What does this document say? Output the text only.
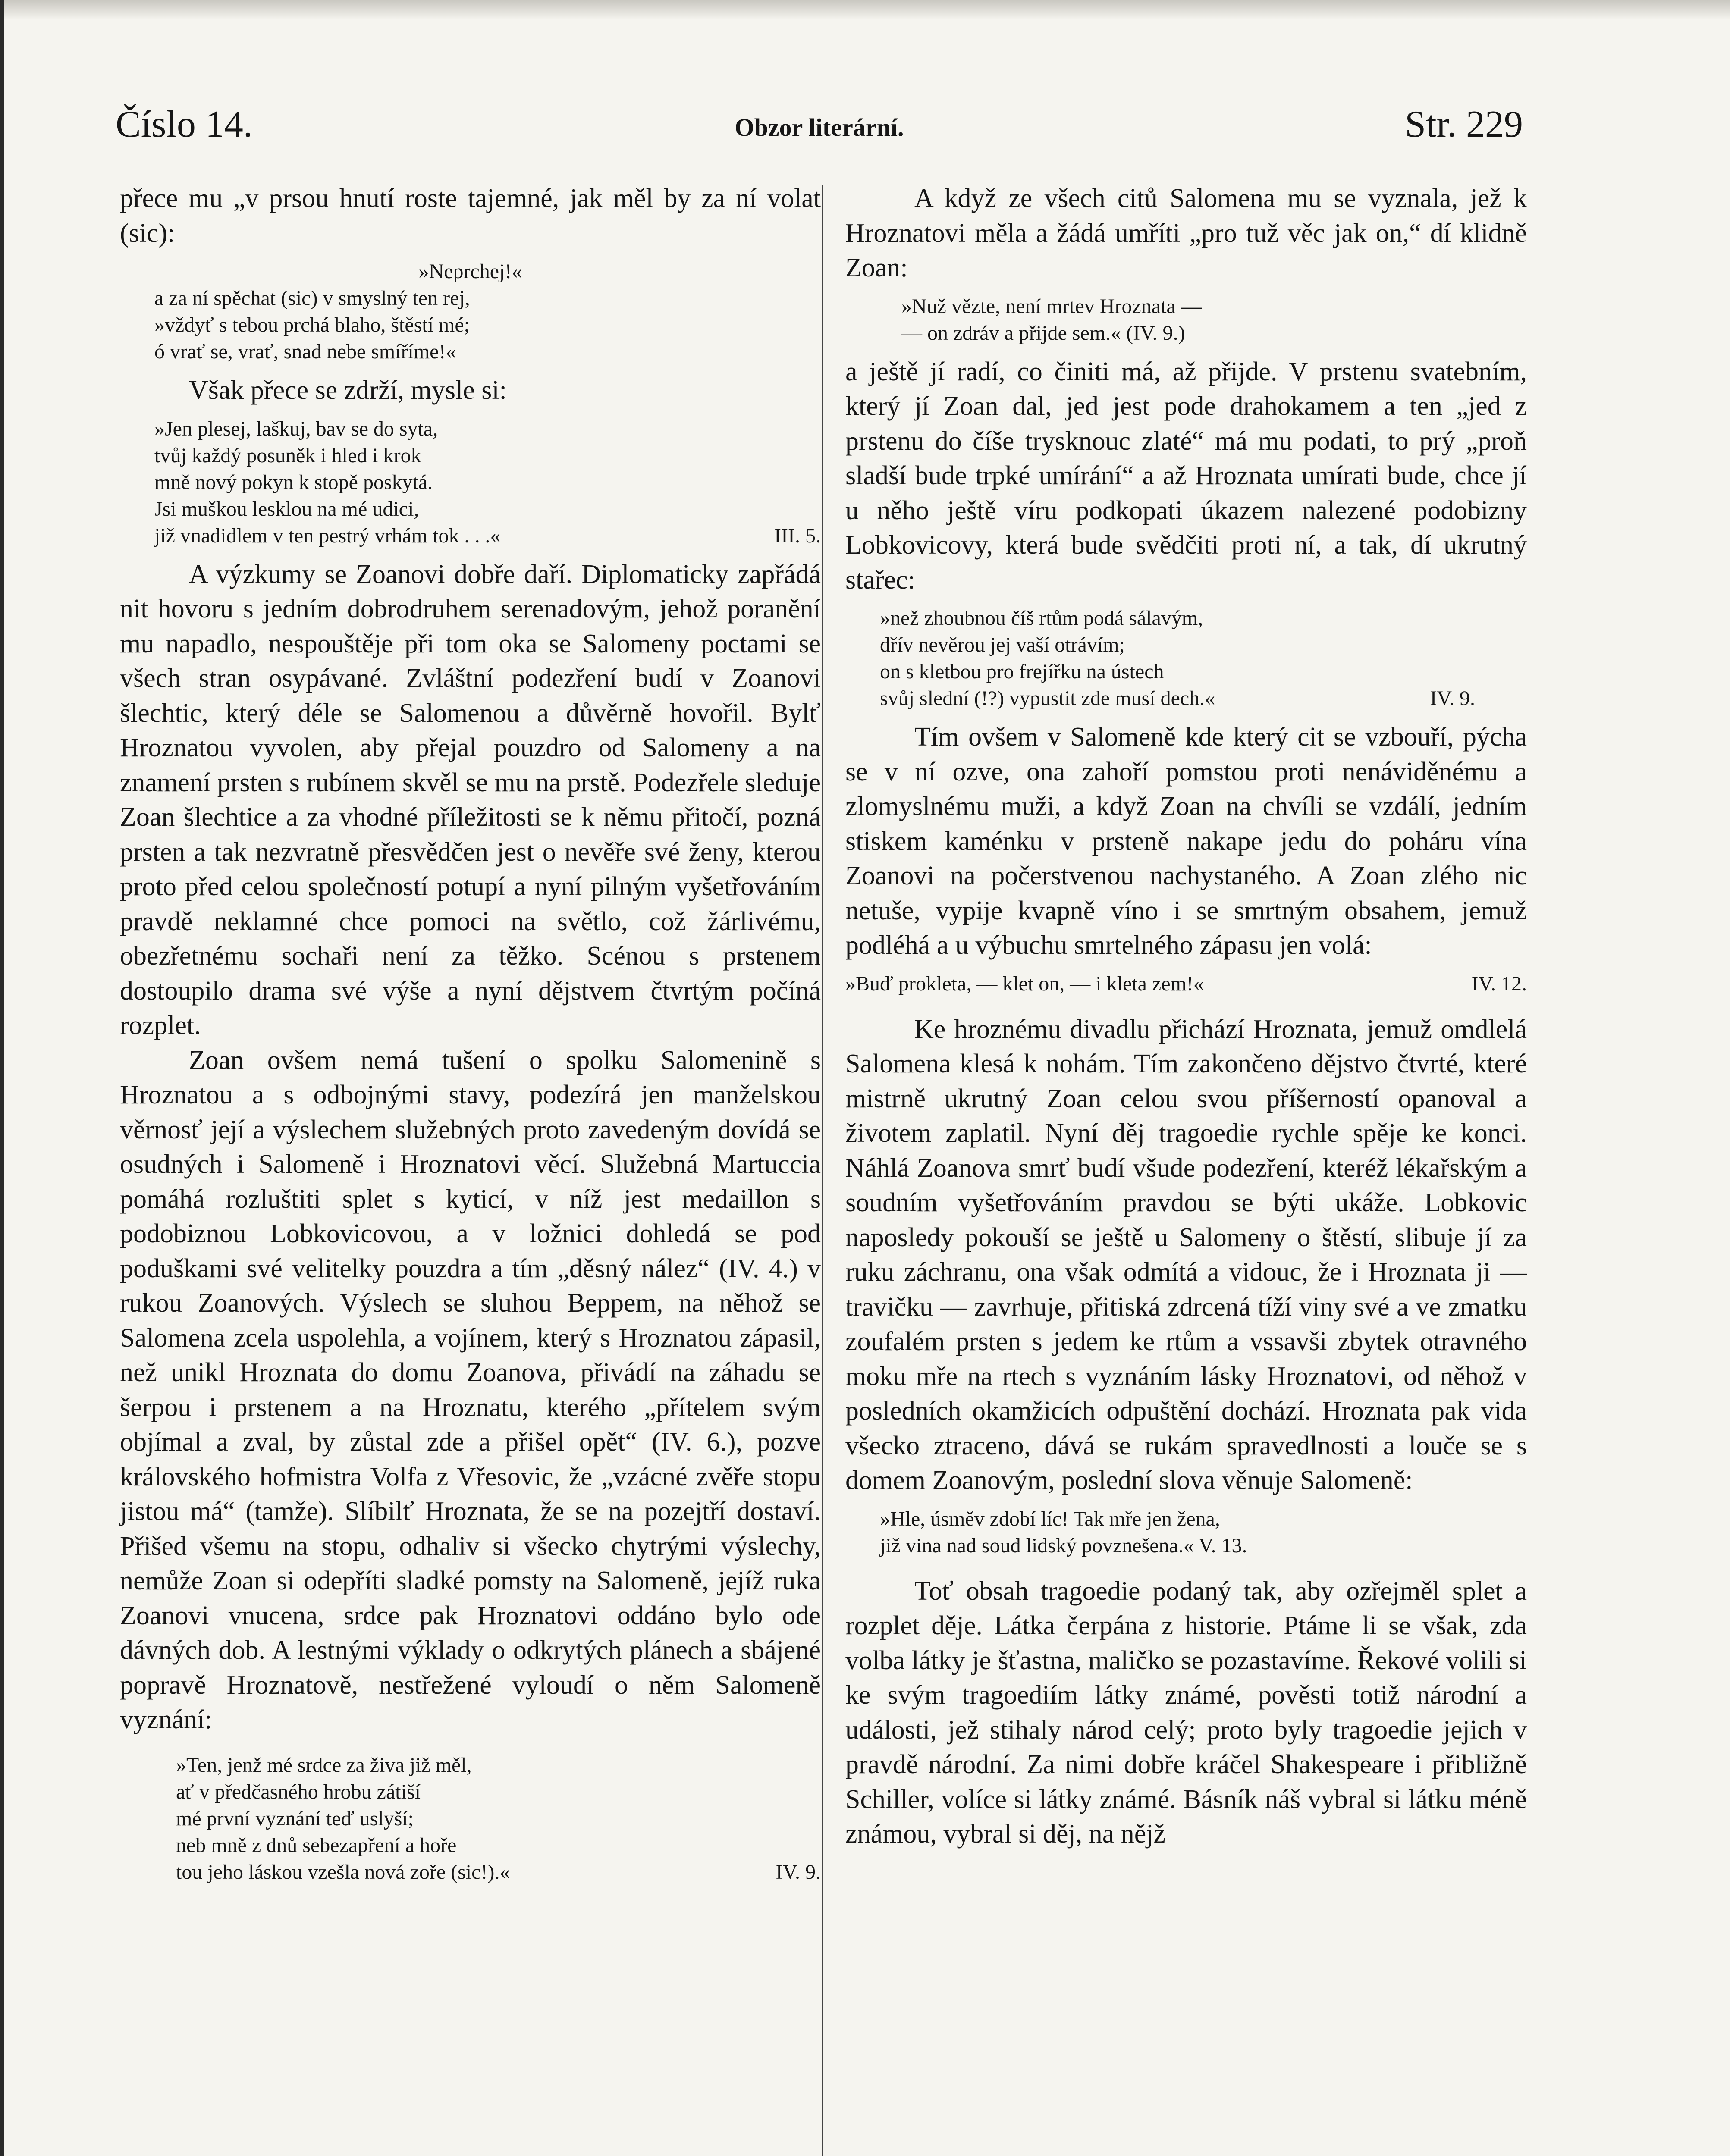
Číslo 14.	Obzor literární.	Str. 229

přece mu „v prsou hnutí roste tajemné, jak měl by za ní volat (sic):

»Neprchej!«

a za ní spěchat (sic) v smyslný ten rej,

»vždyť s tebou prchá blaho, štěstí mé;

ó vrať se, vrať, snad nebe smíříme!«

Však přece se zdrží, mysle si:

»Jen plesej, laškuj, bav se do syta,

tvůj každý posuněk i hled i krok

mně nový pokyn k stopě poskytá.

Jsi muškou lesklou na mé udici,

již vnadidlem v ten pestrý vrhám tok . . .«	III. 5.

A výzkumy se Zoanovi dobře daří. Diplomaticky zapřádá nit hovoru s jedním dobrodruhem serenadovým, jehož poranění mu napadlo, nespouštěje při tom oka se Salomeny poctami se všech stran osypávané. Zvláštní podezření budí v Zoanovi šlechtic, který déle se Salomenou a důvěrně hovořil. Bylť Hroznatou vyvolen, aby přejal pouzdro od Salomeny a na znamení prsten s rubínem skvěl se mu na prstě. Podezřele sleduje Zoan šlechtice a za vhodné příležitosti se k němu přitočí, pozná prsten a tak nezvratně přesvědčen jest o nevěře své ženy, kterou proto před celou společností potupí a nyní pilným vyšetřováním pravdě neklamné chce pomoci na světlo, což žárlivému, obezřetnému sochaři není za těžko. Scénou s prstenem dostoupilo drama své výše a nyní dějstvem čtvrtým počíná rozplet.

Zoan ovšem nemá tušení o spolku Salomenině s Hroznatou a s odbojnými stavy, podezírá jen manželskou věrnosť její a výslechem služebných proto zavedeným dovídá se osudných i Salomeně i Hroznatovi věcí. Služebná Martuccia pomáhá rozluštiti splet s kyticí, v níž jest medaillon s podobiznou Lobkovicovou, a v ložnici dohledá se pod poduškami své velitelky pouzdra a tím „děsný nález“ (IV. 4.) v rukou Zoanových. Výslech se sluhou Beppem, na něhož se Salomena zcela uspolehla, a vojínem, který s Hroznatou zápasil, než unikl Hroznata do domu Zoanova, přivádí na záhadu se šerpou i prstenem a na Hroznatu, kterého „přítelem svým objímal a zval, by zůstal zde a přišel opět“ (IV. 6.), pozve královského hofmistra Volfa z Vřesovic, že „vzácné zvěře stopu jistou má“ (tamže). Slíbilť Hroznata, že se na pozejtří dostaví. Přišed všemu na stopu, odhaliv si všecko chytrými výslechy, nemůže Zoan si odepříti sladké pomsty na Salomeně, jejíž ruka Zoanovi vnucena, srdce pak Hroznatovi oddáno bylo ode dávných dob. A lestnými výklady o odkrytých plánech a sbájené popravě Hroznatově, nestřežené vyloudí o něm Salomeně vyznání:

»Ten, jenž mé srdce za živa již měl,

ať v předčasného hrobu zátiší

mé první vyznání teď uslyší;

neb mně z dnů sebezapření a hoře

tou jeho láskou vzešla nová zoře (sic!).«	IV. 9.

A když ze všech citů Salomena mu se vyznala, jež k Hroznatovi měla a žádá umříti „pro tuž věc jak on,“ dí klidně Zoan:

»Nuž vězte, není mrtev Hroznata —

— on zdráv a přijde sem.« (IV. 9.)

a ještě jí radí, co činiti má, až přijde. V prstenu svatebním, který jí Zoan dal, jed jest pode drahokamem a ten „jed z prstenu do číše trysknouc zlaté“ má mu podati, to prý „proň sladší bude trpké umírání“ a až Hroznata umírati bude, chce jí u něho ještě víru podkopati úkazem nalezené podobizny Lobkovicovy, která bude svědčiti proti ní, a tak, dí ukrutný stařec:

»než zhoubnou číš rtům podá sálavým,

dřív nevěrou jej vaší otrávím;

on s kletbou pro frejířku na ústech

svůj slední (!?) vypustit zde musí dech.«	IV. 9.

Tím ovšem v Salomeně kde který cit se vzbouří, pýcha se v ní ozve, ona zahoří pomstou proti nenáviděnému a zlomyslnému muži, a když Zoan na chvíli se vzdálí, jedním stiskem kaménku v prsteně nakape jedu do poháru vína Zoanovi na počerstvenou nachystaného. A Zoan zlého nic netuše, vypije kvapně víno i se smrtným obsahem, jemuž podléhá a u výbuchu smrtelného zápasu jen volá:

»Buď prokleta, — klet on, — i kleta zem!«	IV. 12.

Ke hroznému divadlu přichází Hroznata, jemuž omdlelá Salomena klesá k nohám. Tím zakončeno dějstvo čtvrté, které mistrně ukrutný Zoan celou svou příšerností opanoval a životem zaplatil. Nyní děj tragoedie rychle spěje ke konci. Náhlá Zoanova smrť budí všude podezření, kteréž lékařským a soudním vyšetřováním pravdou se býti ukáže. Lobkovic naposledy pokouší se ještě u Salomeny o štěstí, slibuje jí za ruku záchranu, ona však odmítá a vidouc, že i Hroznata ji — travičku — zavrhuje, přitiská zdrcená tíží viny své a ve zmatku zoufalém prsten s jedem ke rtům a vssavši zbytek otravného moku mře na rtech s vyznáním lásky Hroznatovi, od něhož v posledních okamžicích odpuštění dochází. Hroznata pak vida všecko ztraceno, dává se rukám spravedlnosti a louče se s domem Zoanovým, poslední slova věnuje Salomeně:

»Hle, úsměv zdobí líc! Tak mře jen žena,

již vina nad soud lidský povznešena.« V. 13.

Toť obsah tragoedie podaný tak, aby ozřejměl splet a rozplet děje. Látka čerpána z historie. Ptáme li se však, zda volba látky je šťastna, maličko se pozastavíme. Řekové volili si ke svým tragoediím látky známé, pověsti totiž národní a události, jež stihaly národ celý; proto byly tragoedie jejich v pravdě národní. Za nimi dobře kráčel Shakespeare i přibližně Schiller, volíce si látky známé. Básník náš vybral si látku méně známou, vybral si děj, na nějž
